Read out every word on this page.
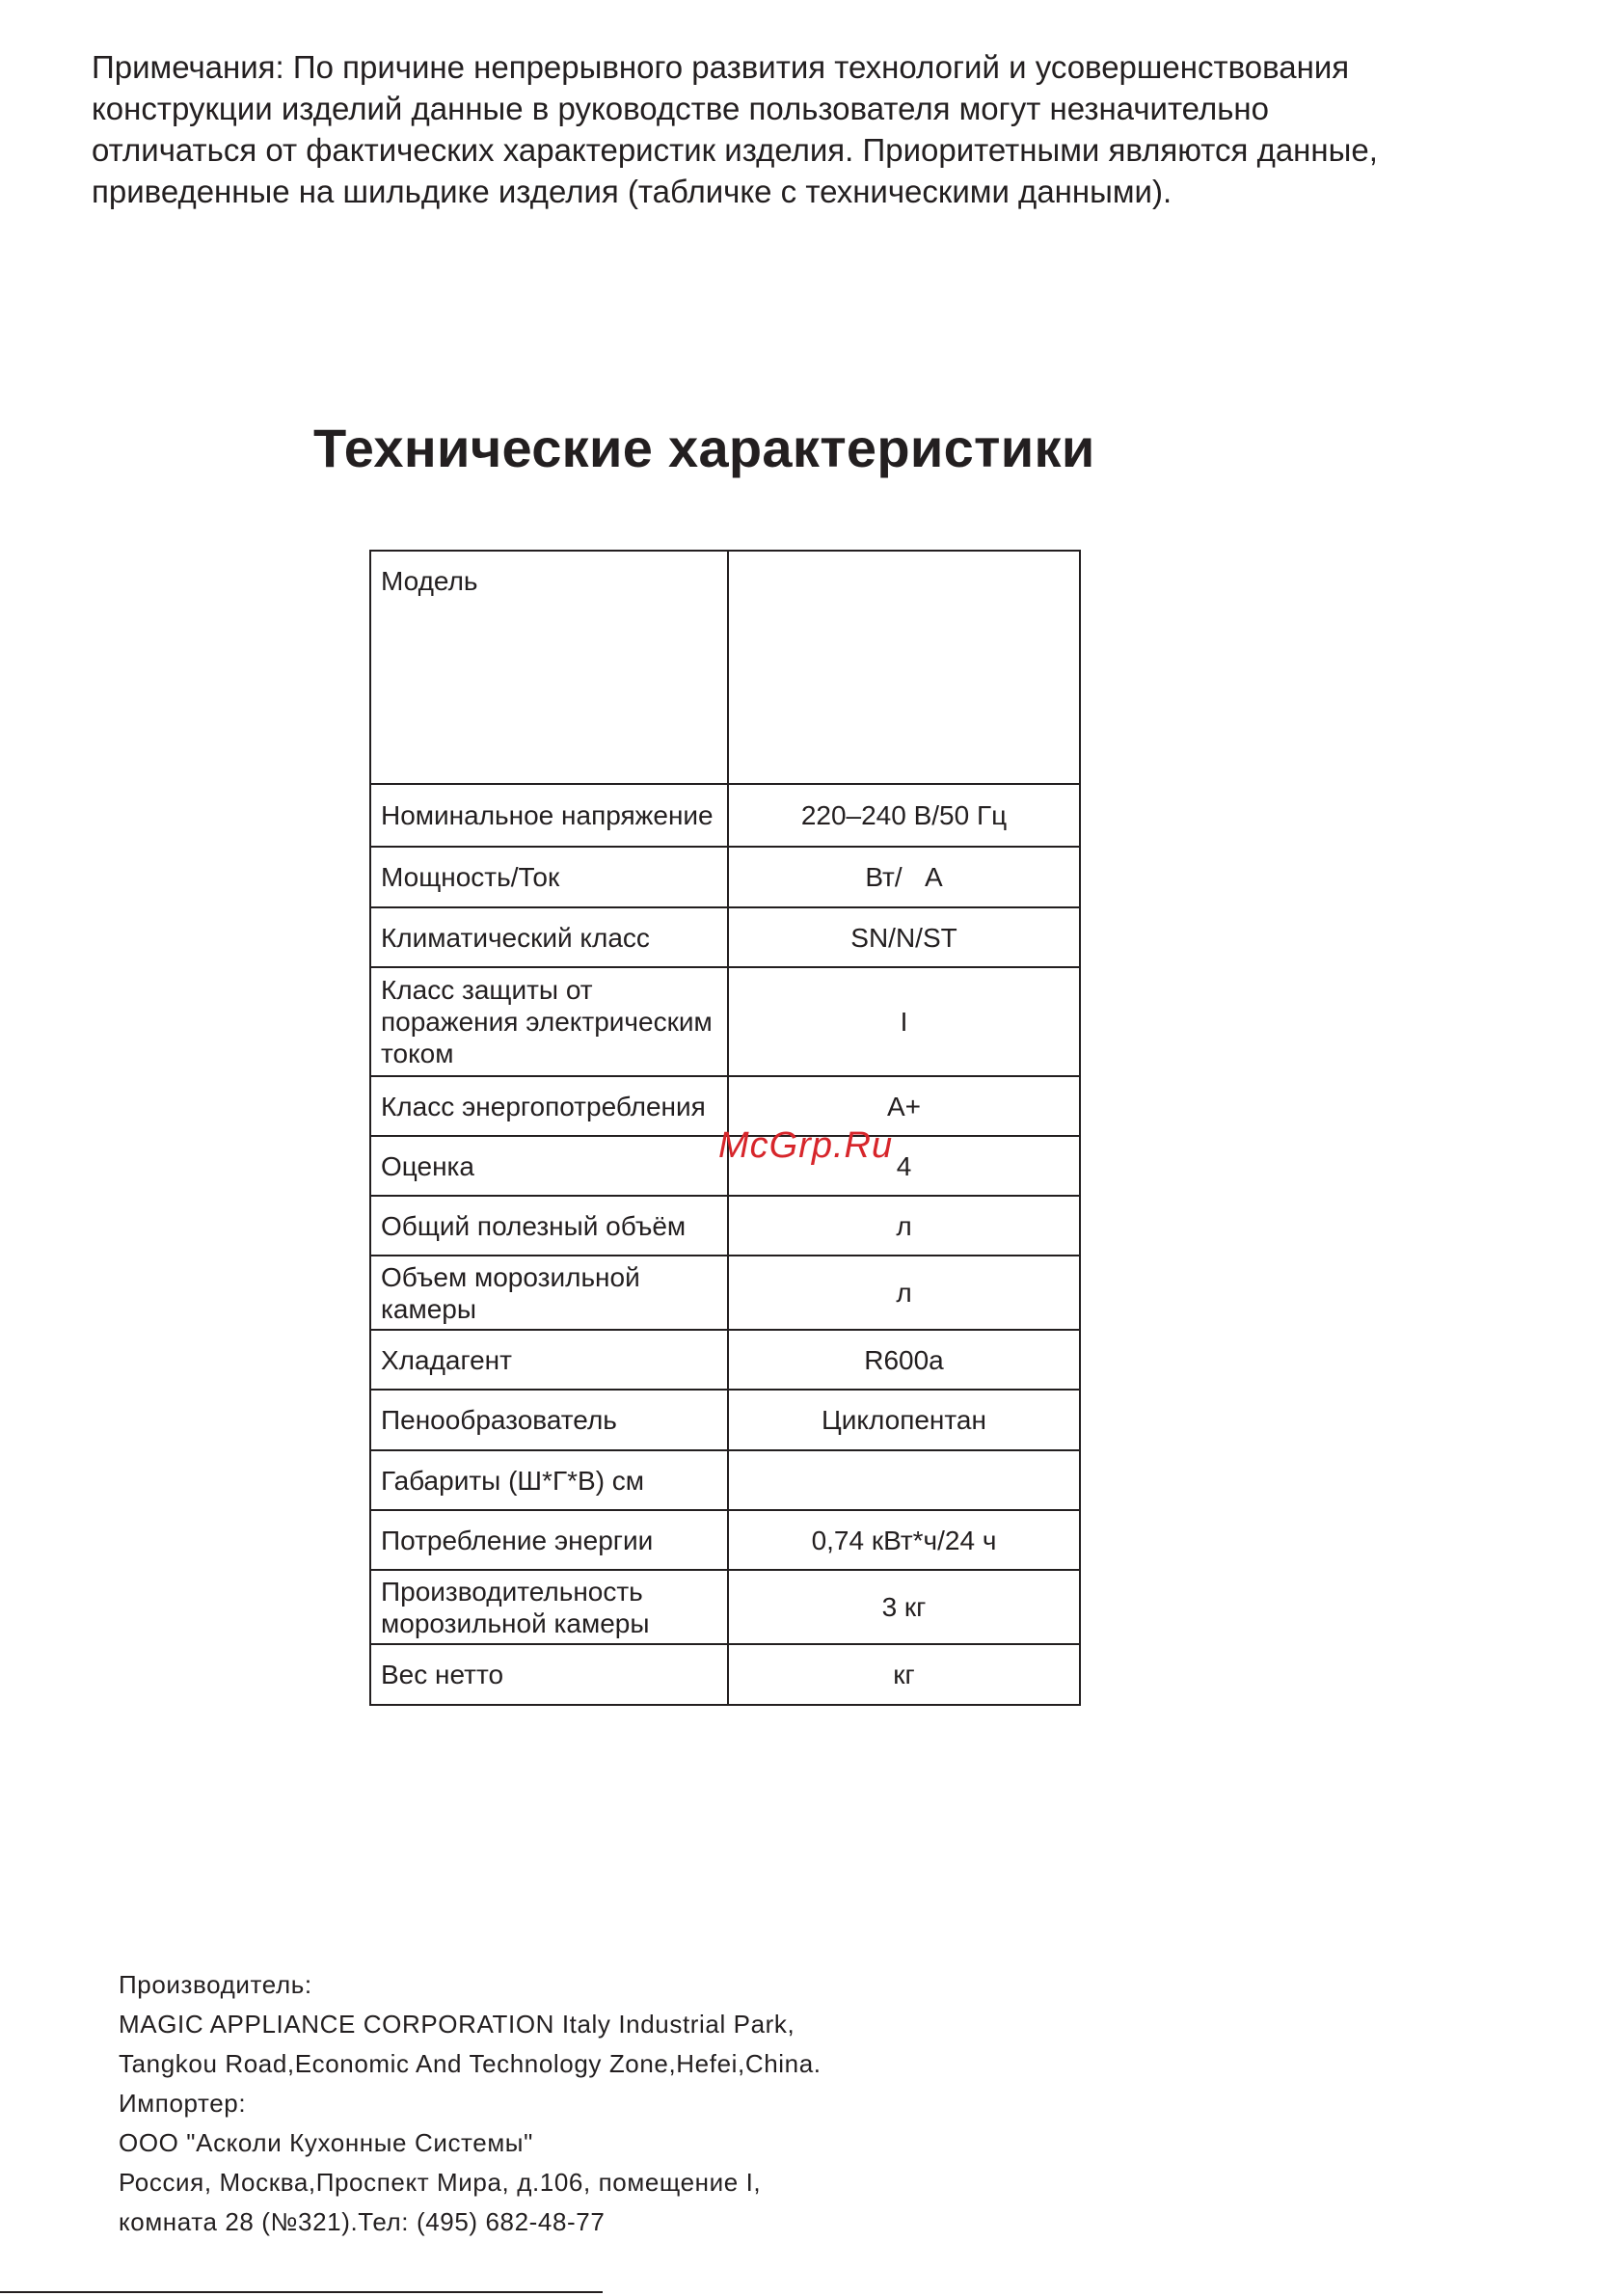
Примечания: По причине непрерывного развития технологий и усовершенствования
конструкции изделий данные в руководстве пользователя могут незначительно
отличаться от фактических характеристик изделия. Приоритетными являются данные,
приведенные на шильдике изделия (табличке с техническими данными).
Технические характеристики
Модель	
Номинальное напряжение	220–240 В/50 Гц
Мощность/Ток	Вт/   А
Климатический класс	SN/N/ST
Класс защиты от поражения электрическим током	I
Класс энергопотребления	А+
Оценка	4
Общий полезный объём	л
Объем морозильной камеры	л
Хладагент	R600a
Пенообразователь	Циклопентан
Габариты (Ш*Г*В) см	
Потребление энергии	0,74 кВт*ч/24 ч
Производительность морозильной камеры	3 кг
Вес нетто	кг
McGrp.Ru
Производитель:
MAGIC APPLIANCE CORPORATION Italy Industrial Park,
Tangkou Road,Economic And Technology Zone,Hefei,China.
Импортер:
ООО "Асколи Кухонные Системы"
Россия, Москва,Проспект Мира, д.106, помещение I,
комната 28 (№321).Тел: (495) 682-48-77
